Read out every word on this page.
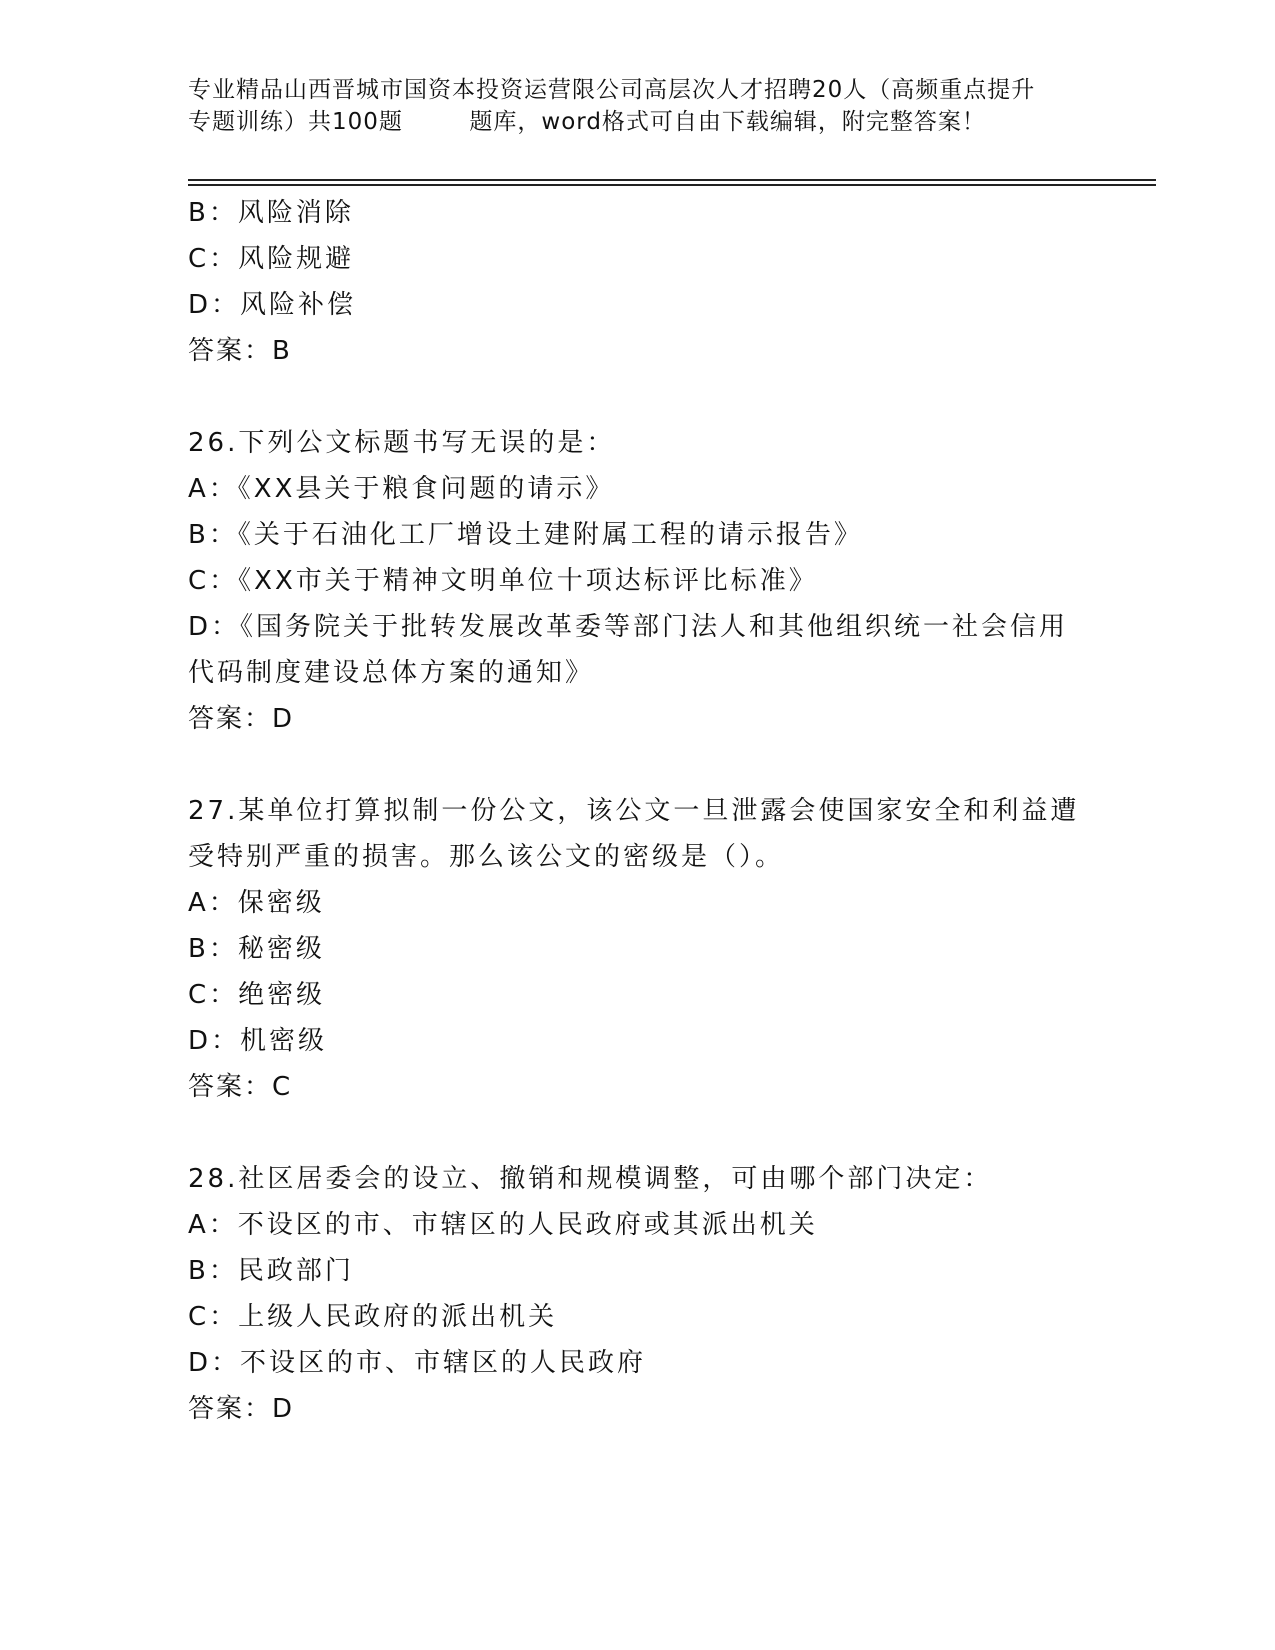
专业精品山西晋城市国资本投资运营限公司高层次人才招聘20人（高频重点提升
专题训练）共100题        题库，word格式可自由下载编辑，附完整答案！
B：风险消除
C：风险规避
D：风险补偿
答案：B
26.下列公文标题书写无误的是：
A：《XX县关于粮食问题的请示》
B：《关于石油化工厂增设土建附属工程的请示报告》
C：《XX市关于精神文明单位十项达标评比标准》
D：《国务院关于批转发展改革委等部门法人和其他组织统一社会信用代码制度建设总体方案的通知》
答案：D
27.某单位打算拟制一份公文，该公文一旦泄露会使国家安全和利益遭受特别严重的损害。那么该公文的密级是（）。
A：保密级
B：秘密级
C：绝密级
D：机密级
答案：C
28.社区居委会的设立、撤销和规模调整，可由哪个部门决定：
A：不设区的市、市辖区的人民政府或其派出机关
B：民政部门
C：上级人民政府的派出机关
D：不设区的市、市辖区的人民政府
答案：D
